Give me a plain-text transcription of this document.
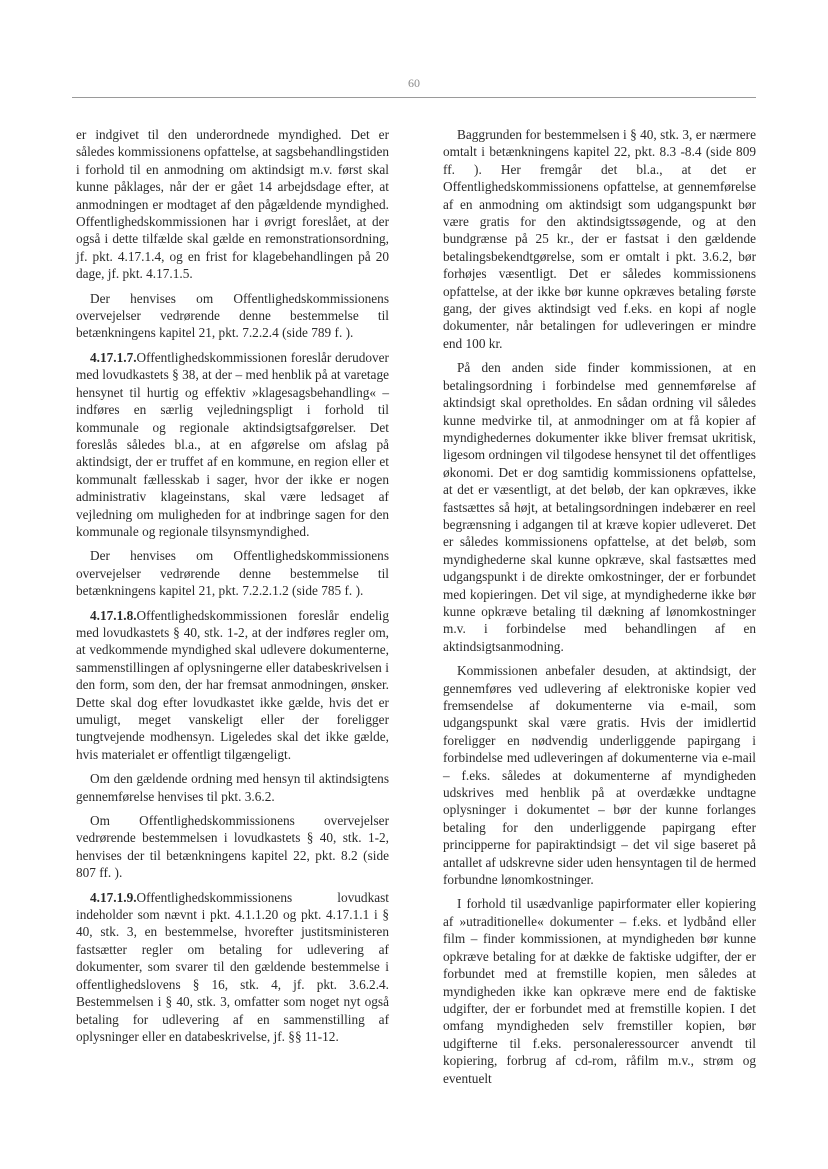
60

er indgivet til den underordnede myndighed. Det er således kommissionens opfattelse, at sagsbehandlingstiden i forhold til en anmodning om aktindsigt m.v. først skal kunne påklages, når der er gået 14 arbejdsdage efter, at anmodningen er modtaget af den pågældende myndighed. Offentlighedskommissionen har i øvrigt foreslået, at der også i dette tilfælde skal gælde en remonstrationsordning, jf. pkt. 4.17.1.4, og en frist for klagebehandlingen på 20 dage, jf. pkt. 4.17.1.5.

Der henvises om Offentlighedskommissionens overvejelser vedrørende denne bestemmelse til betænkningens kapitel 21, pkt. 7.2.2.4 (side 789 f. ).

4.17.1.7.Offentlighedskommissionen foreslår derudover med lovudkastets § 38, at der – med henblik på at varetage hensynet til hurtig og effektiv »klagesagsbehandling« – indføres en særlig vejledningspligt i forhold til kommunale og regionale aktindsigtsafgørelser. Det foreslås således bl.a., at en afgørelse om afslag på aktindsigt, der er truffet af en kommune, en region eller et kommunalt fællesskab i sager, hvor der ikke er nogen administrativ klageinstans, skal være ledsaget af vejledning om muligheden for at indbringe sagen for den kommunale og regionale tilsynsmyndighed.

Der henvises om Offentlighedskommissionens overvejelser vedrørende denne bestemmelse til betænkningens kapitel 21, pkt. 7.2.2.1.2 (side 785 f. ).

4.17.1.8.Offentlighedskommissionen foreslår endelig med lovudkastets § 40, stk. 1-2, at der indføres regler om, at vedkommende myndighed skal udlevere dokumenterne, sammenstillingen af oplysningerne eller databeskrivelsen i den form, som den, der har fremsat anmodningen, ønsker. Dette skal dog efter lovudkastet ikke gælde, hvis det er umuligt, meget vanskeligt eller der foreligger tungtvejende modhensyn. Ligeledes skal det ikke gælde, hvis materialet er offentligt tilgængeligt.

Om den gældende ordning med hensyn til aktindsigtens gennemførelse henvises til pkt. 3.6.2.

Om Offentlighedskommissionens overvejelser vedrørende bestemmelsen i lovudkastets § 40, stk. 1-2, henvises der til betænkningens kapitel 22, pkt. 8.2 (side 807 ff. ).

4.17.1.9.Offentlighedskommissionens lovudkast indeholder som nævnt i pkt. 4.1.1.20 og pkt. 4.17.1.1 i § 40, stk. 3, en bestemmelse, hvorefter justitsministeren fastsætter regler om betaling for udlevering af dokumenter, som svarer til den gældende bestemmelse i offentlighedslovens § 16, stk. 4, jf. pkt. 3.6.2.4. Bestemmelsen i § 40, stk. 3, omfatter som noget nyt også betaling for udlevering af en sammenstilling af oplysninger eller en databeskrivelse, jf. §§ 11-12.

Baggrunden for bestemmelsen i § 40, stk. 3, er nærmere omtalt i betænkningens kapitel 22, pkt. 8.3 -8.4 (side 809 ff. ). Her fremgår det bl.a., at det er Offentlighedskommissionens opfattelse, at gennemførelse af en anmodning om aktindsigt som udgangspunkt bør være gratis for den aktindsigtssøgende, og at den bundgrænse på 25 kr., der er fastsat i den gældende betalingsbekendtgørelse, som er omtalt i pkt. 3.6.2, bør forhøjes væsentligt. Det er således kommissionens opfattelse, at der ikke bør kunne opkræves betaling første gang, der gives aktindsigt ved f.eks. en kopi af nogle dokumenter, når betalingen for udleveringen er mindre end 100 kr.

På den anden side finder kommissionen, at en betalingsordning i forbindelse med gennemførelse af aktindsigt skal opretholdes. En sådan ordning vil således kunne medvirke til, at anmodninger om at få kopier af myndighedernes dokumenter ikke bliver fremsat ukritisk, ligesom ordningen vil tilgodese hensynet til det offentliges økonomi. Det er dog samtidig kommissionens opfattelse, at det er væsentligt, at det beløb, der kan opkræves, ikke fastsættes så højt, at betalingsordningen indebærer en reel begrænsning i adgangen til at kræve kopier udleveret. Det er således kommissionens opfattelse, at det beløb, som myndighederne skal kunne opkræve, skal fastsættes med udgangspunkt i de direkte omkostninger, der er forbundet med kopieringen. Det vil sige, at myndighederne ikke bør kunne opkræve betaling til dækning af lønomkostninger m.v. i forbindelse med behandlingen af en aktindsigtsanmodning.

Kommissionen anbefaler desuden, at aktindsigt, der gennemføres ved udlevering af elektroniske kopier ved fremsendelse af dokumenterne via e-mail, som udgangspunkt skal være gratis. Hvis der imidlertid foreligger en nødvendig underliggende papirgang i forbindelse med udleveringen af dokumenterne via e-mail – f.eks. således at dokumenterne af myndigheden udskrives med henblik på at overdække undtagne oplysninger i dokumentet – bør der kunne forlanges betaling for den underliggende papirgang efter principperne for papiraktindsigt – det vil sige baseret på antallet af udskrevne sider uden hensyntagen til de hermed forbundne lønomkostninger.

I forhold til usædvanlige papirformater eller kopiering af »utraditionelle« dokumenter – f.eks. et lydbånd eller film – finder kommissionen, at myndigheden bør kunne opkræve betaling for at dække de faktiske udgifter, der er forbundet med at fremstille kopien, men således at myndigheden ikke kan opkræve mere end de faktiske udgifter, der er forbundet med at fremstille kopien. I det omfang myndigheden selv fremstiller kopien, bør udgifterne til f.eks. personaleressourcer anvendt til kopiering, forbrug af cd-rom, råfilm m.v., strøm og eventuelt
